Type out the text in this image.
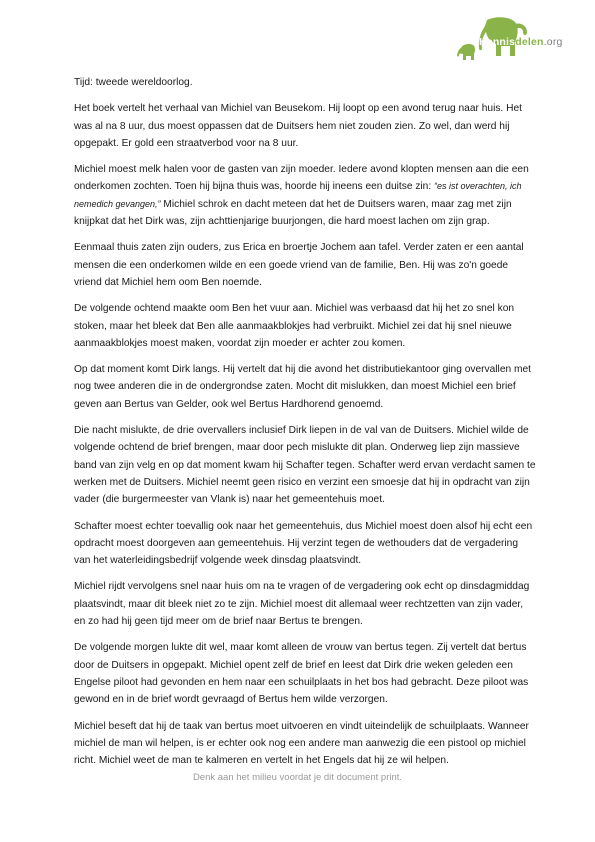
Kennisdelen.org

Tijd: tweede wereldoorlog.

Het boek vertelt het verhaal van Michiel van Beusekom. Hij loopt op een avond terug naar huis. Het was al na 8 uur, dus moest oppassen dat de Duitsers hem niet zouden zien. Zo wel, dan werd hij opgepakt. Er gold een straatverbod voor na 8 uur.

Michiel moest melk halen voor de gasten van zijn moeder. Iedere avond klopten mensen aan die een onderkomen zochten. Toen hij bijna thuis was, hoorde hij ineens een duitse zin: “es ist overachten, ich nemedich gevangen,” Michiel schrok en dacht meteen dat het de Duitsers waren, maar zag met zijn knijpkat dat het Dirk was, zijn achttienjarige buurjongen, die hard moest lachen om zijn grap.

Eenmaal thuis zaten zijn ouders, zus Erica en broertje Jochem aan tafel. Verder zaten er een aantal mensen die een onderkomen wilde en een goede vriend van de familie, Ben. Hij was zo'n goede vriend dat Michiel hem oom Ben noemde.

De volgende ochtend maakte oom Ben het vuur aan. Michiel was verbaasd dat hij het zo snel kon stoken, maar het bleek dat Ben alle aanmaakblokjes had verbruikt. Michiel zei dat hij snel nieuwe aanmaakblokjes moest maken, voordat zijn moeder er achter zou komen.

Op dat moment komt Dirk langs. Hij vertelt dat hij die avond het distributiekantoor ging overvallen met nog twee anderen die in de ondergrondse zaten. Mocht dit mislukken, dan moest Michiel een brief geven aan Bertus van Gelder, ook wel Bertus Hardhorend genoemd.

Die nacht mislukte, de drie overvallers inclusief Dirk liepen in de val van de Duitsers. Michiel wilde de volgende ochtend de brief brengen, maar door pech mislukte dit plan. Onderweg liep zijn massieve band van zijn velg en op dat moment kwam hij Schafter tegen. Schafter werd ervan verdacht samen te werken met de Duitsers. Michiel neemt geen risico en verzint een smoesje dat hij in opdracht van zijn vader (die burgermeester van Vlank is) naar het gemeentehuis moet.

Schafter moest echter toevallig ook naar het gemeentehuis, dus Michiel moest doen alsof hij echt een opdracht moest doorgeven aan gemeentehuis. Hij verzint tegen de wethouders dat de vergadering van het waterleidingsbedrijf volgende week dinsdag plaatsvindt.

Michiel rijdt vervolgens snel naar huis om na te vragen of de vergadering ook echt op dinsdagmiddag plaatsvindt, maar dit bleek niet zo te zijn. Michiel moest dit allemaal weer rechtzetten van zijn vader, en zo had hij geen tijd meer om de brief naar Bertus te brengen.

De volgende morgen lukte dit wel, maar komt alleen de vrouw van bertus tegen. Zij vertelt dat bertus door de Duitsers in opgepakt. Michiel opent zelf de brief en leest dat Dirk drie weken geleden een Engelse piloot had gevonden en hem naar een schuilplaats in het bos had gebracht. Deze piloot was gewond en in de brief wordt gevraagd of Bertus hem wilde verzorgen.

Michiel beseft dat hij de taak van bertus moet uitvoeren en vindt uiteindelijk de schuilplaats. Wanneer michiel de man wil helpen, is er echter ook nog een andere man aanwezig die een pistool op michiel richt. Michiel weet de man te kalmeren en vertelt in het Engels dat hij ze wil helpen.

Denk aan het milieu voordat je dit document print.
